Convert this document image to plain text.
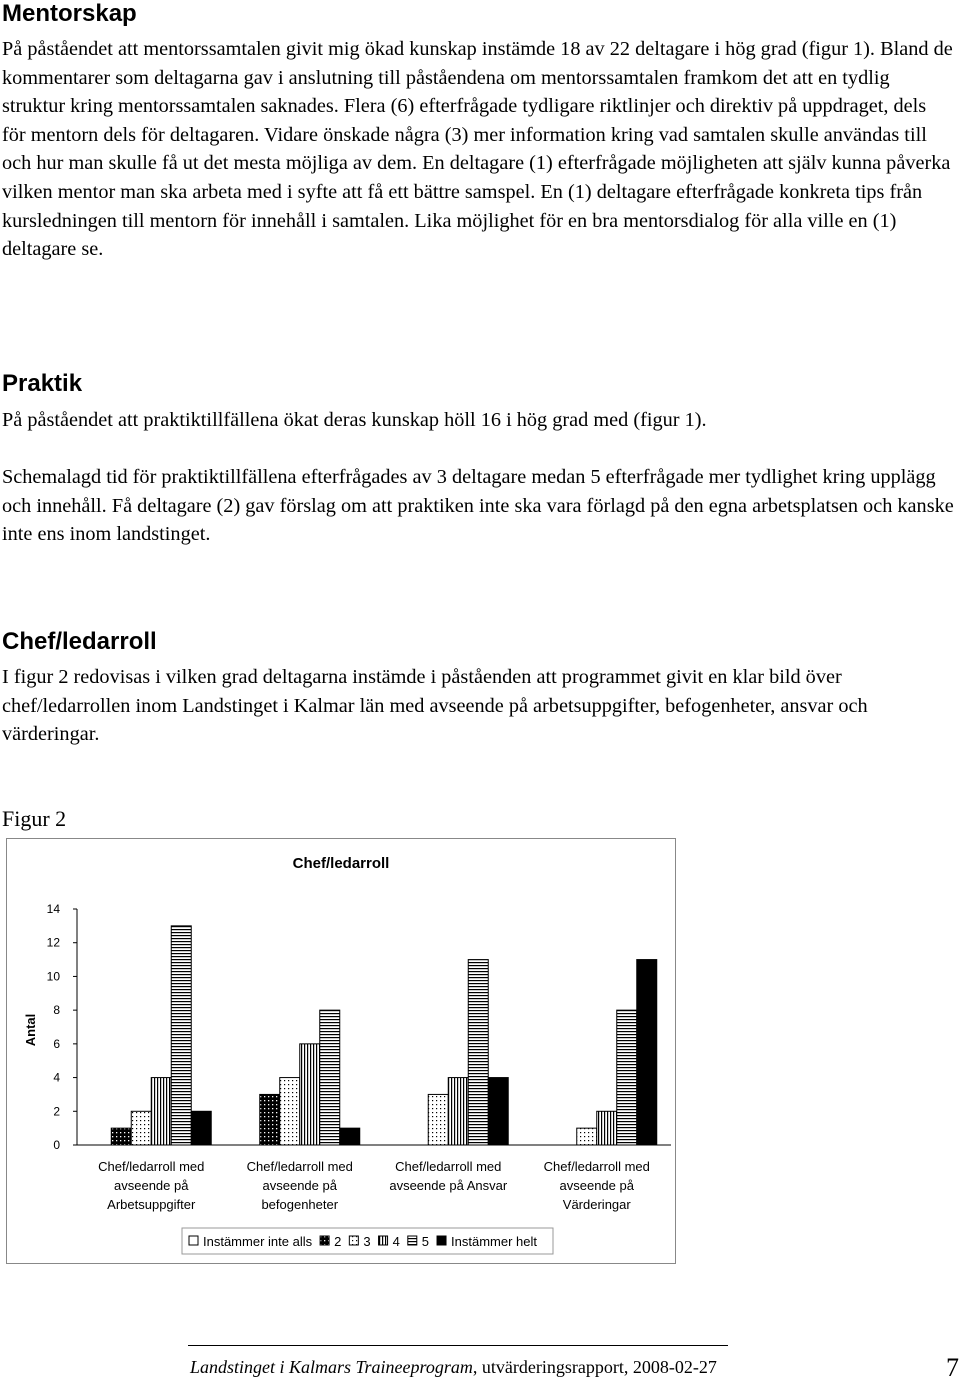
Mentorskap

På påståendet att mentorssamtalen givit mig ökad kunskap instämde 18 av 22 deltagare i hög grad (figur 1). Bland de kommentarer som deltagarna gav i anslutning till påståendena om mentorssamtalen framkom det att en tydlig struktur kring mentorssamtalen saknades. Flera (6) efterfrågade tydligare riktlinjer och direktiv på uppdraget, dels för mentorn dels för deltagaren. Vidare önskade några (3) mer information kring vad samtalen skulle användas till och hur man skulle få ut det mesta möjliga av dem. En deltagare (1) efterfrågade möjligheten att själv kunna påverka vilken mentor man ska arbeta med i syfte att få ett bättre samspel. En (1) deltagare efterfrågade konkreta tips från kursledningen till mentorn för innehåll i samtalen. Lika möjlighet för en bra mentorsdialog för alla ville en (1) deltagare se.

Praktik

På påståendet att praktiktillfällena ökat deras kunskap höll 16 i hög grad med (figur 1).

Schemalagd tid för praktiktillfällena efterfrågades av 3 deltagare medan 5 efterfrågade mer tydlighet kring upplägg och innehåll. Få deltagare (2) gav förslag om att praktiken inte ska vara förlagd på den egna arbetsplatsen och kanske inte ens inom landstinget.

Chef/ledarroll

I figur 2 redovisas i vilken grad deltagarna instämde i påståenden att programmet givit en klar bild över chef/ledarrollen inom Landstinget i Kalmar län med avseende på arbetsuppgifter, befogenheter, ansvar och värderingar.

Figur 2
Chef/ledarroll
Antal
0
2
4
6
8
10
12
14
Chef/ledarroll med avseende på Arbetsuppgifter
Chef/ledarroll med avseende på befogenheter
Chef/ledarroll med avseende på Ansvar
Chef/ledarroll med avseende på Värderingar
Instämmer inte alls 2 3 4 5 Instämmer helt
Landstinget i Kalmars Traineeprogram, utvärderingsrapport, 2008-02-27	7
